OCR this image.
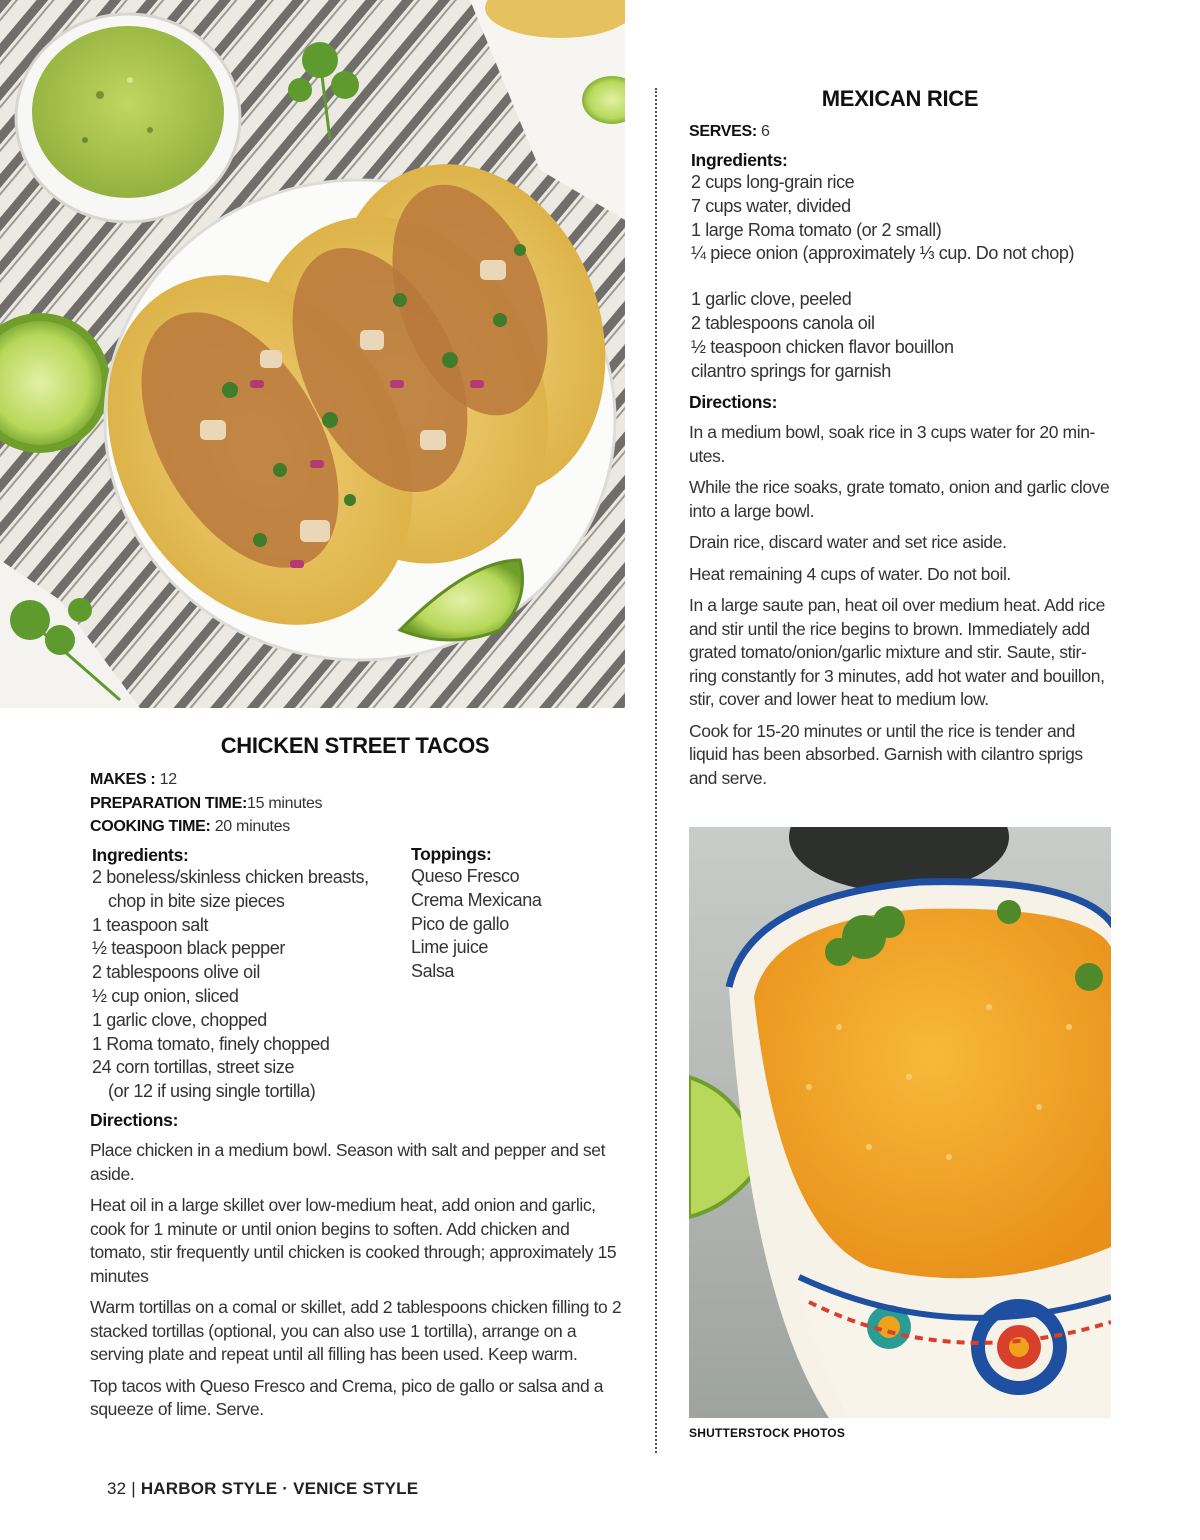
CHICKEN STREET TACOS
MAKES : 12
PREPARATION TIME:15 minutes
COOKING TIME: 20 minutes
Ingredients:
2 boneless/skinless chicken breasts,
chop in bite size pieces
1 teaspoon salt
½ teaspoon black pepper
2 tablespoons olive oil
½ cup onion, sliced
1 garlic clove, chopped
1 Roma tomato, finely chopped
24 corn tortillas, street size
(or 12 if using single tortilla)
Toppings:
Queso Fresco
Crema Mexicana
Pico de gallo
Lime juice
Salsa
Directions:

Place chicken in a medium bowl. Season with salt and pepper and set aside.

Heat oil in a large skillet over low-medium heat, add onion and garlic, cook for 1 minute or until onion begins to soften. Add chicken and tomato, stir frequently until chicken is cooked through; approximately 15 minutes

Warm tortillas on a comal or skillet, add 2 tablespoons chicken filling to 2 stacked tortillas (optional, you can also use 1 tortilla), arrange on a serving plate and repeat until all filling has been used. Keep warm.

Top tacos with Queso Fresco and Crema, pico de gallo or salsa and a squeeze of lime. Serve.

MEXICAN RICE
SERVES: 6
Ingredients:
2 cups long-grain rice
7 cups water, divided
1 large Roma tomato (or 2 small)
¼ piece onion (approximately ⅓ cup. Do not chop)
1 garlic clove, peeled
2 tablespoons canola oil
½ teaspoon chicken flavor bouillon
cilantro springs for garnish
Directions:

In a medium bowl, soak rice in 3 cups water for 20 min- utes.

While the rice soaks, grate tomato, onion and garlic clove into a large bowl.

Drain rice, discard water and set rice aside.

Heat remaining 4 cups of water. Do not boil.

In a large saute pan, heat oil over medium heat. Add rice and stir until the rice begins to brown. Immediately add grated tomato/onion/garlic mixture and stir. Saute, stir- ring constantly for 3 minutes, add hot water and bouillon, stir, cover and lower heat to medium low.

Cook for 15-20 minutes or until the rice is tender and liquid has been absorbed. Garnish with cilantro sprigs and serve.

SHUTTERSTOCK PHOTOS
32 | HARBOR STYLE · VENICE STYLE
